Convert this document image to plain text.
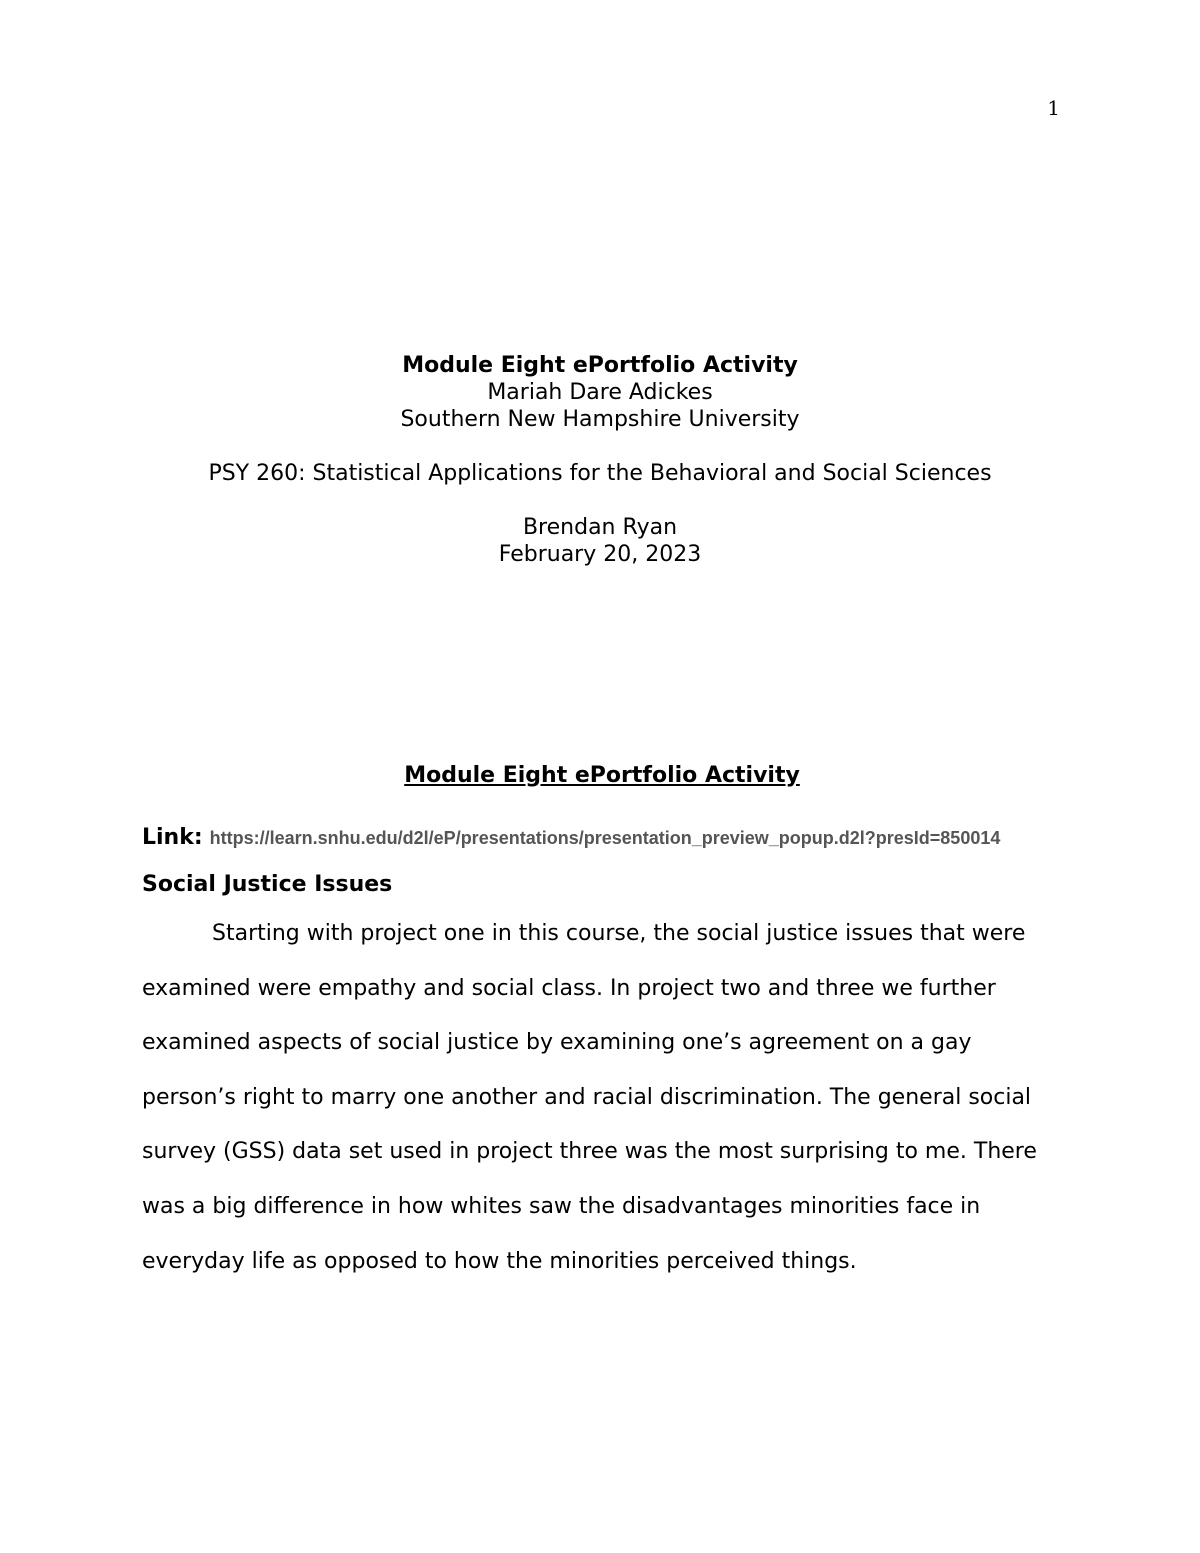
1
Module Eight ePortfolio Activity
Mariah Dare Adickes
Southern New Hampshire University
PSY 260: Statistical Applications for the Behavioral and Social Sciences
Brendan Ryan
February 20, 2023
Module Eight ePortfolio Activity
Link: https://learn.snhu.edu/d2l/eP/presentations/presentation_preview_popup.d2l?presId=850014
Social Justice Issues

Starting with project one in this course, the social justice issues that were examined were empathy and social class. In project two and three we further examined aspects of social justice by examining one’s agreement on a gay person’s right to marry one another and racial discrimination. The general social survey (GSS) data set used in project three was the most surprising to me. There was a big difference in how whites saw the disadvantages minorities face in everyday life as opposed to how the minorities perceived things.
